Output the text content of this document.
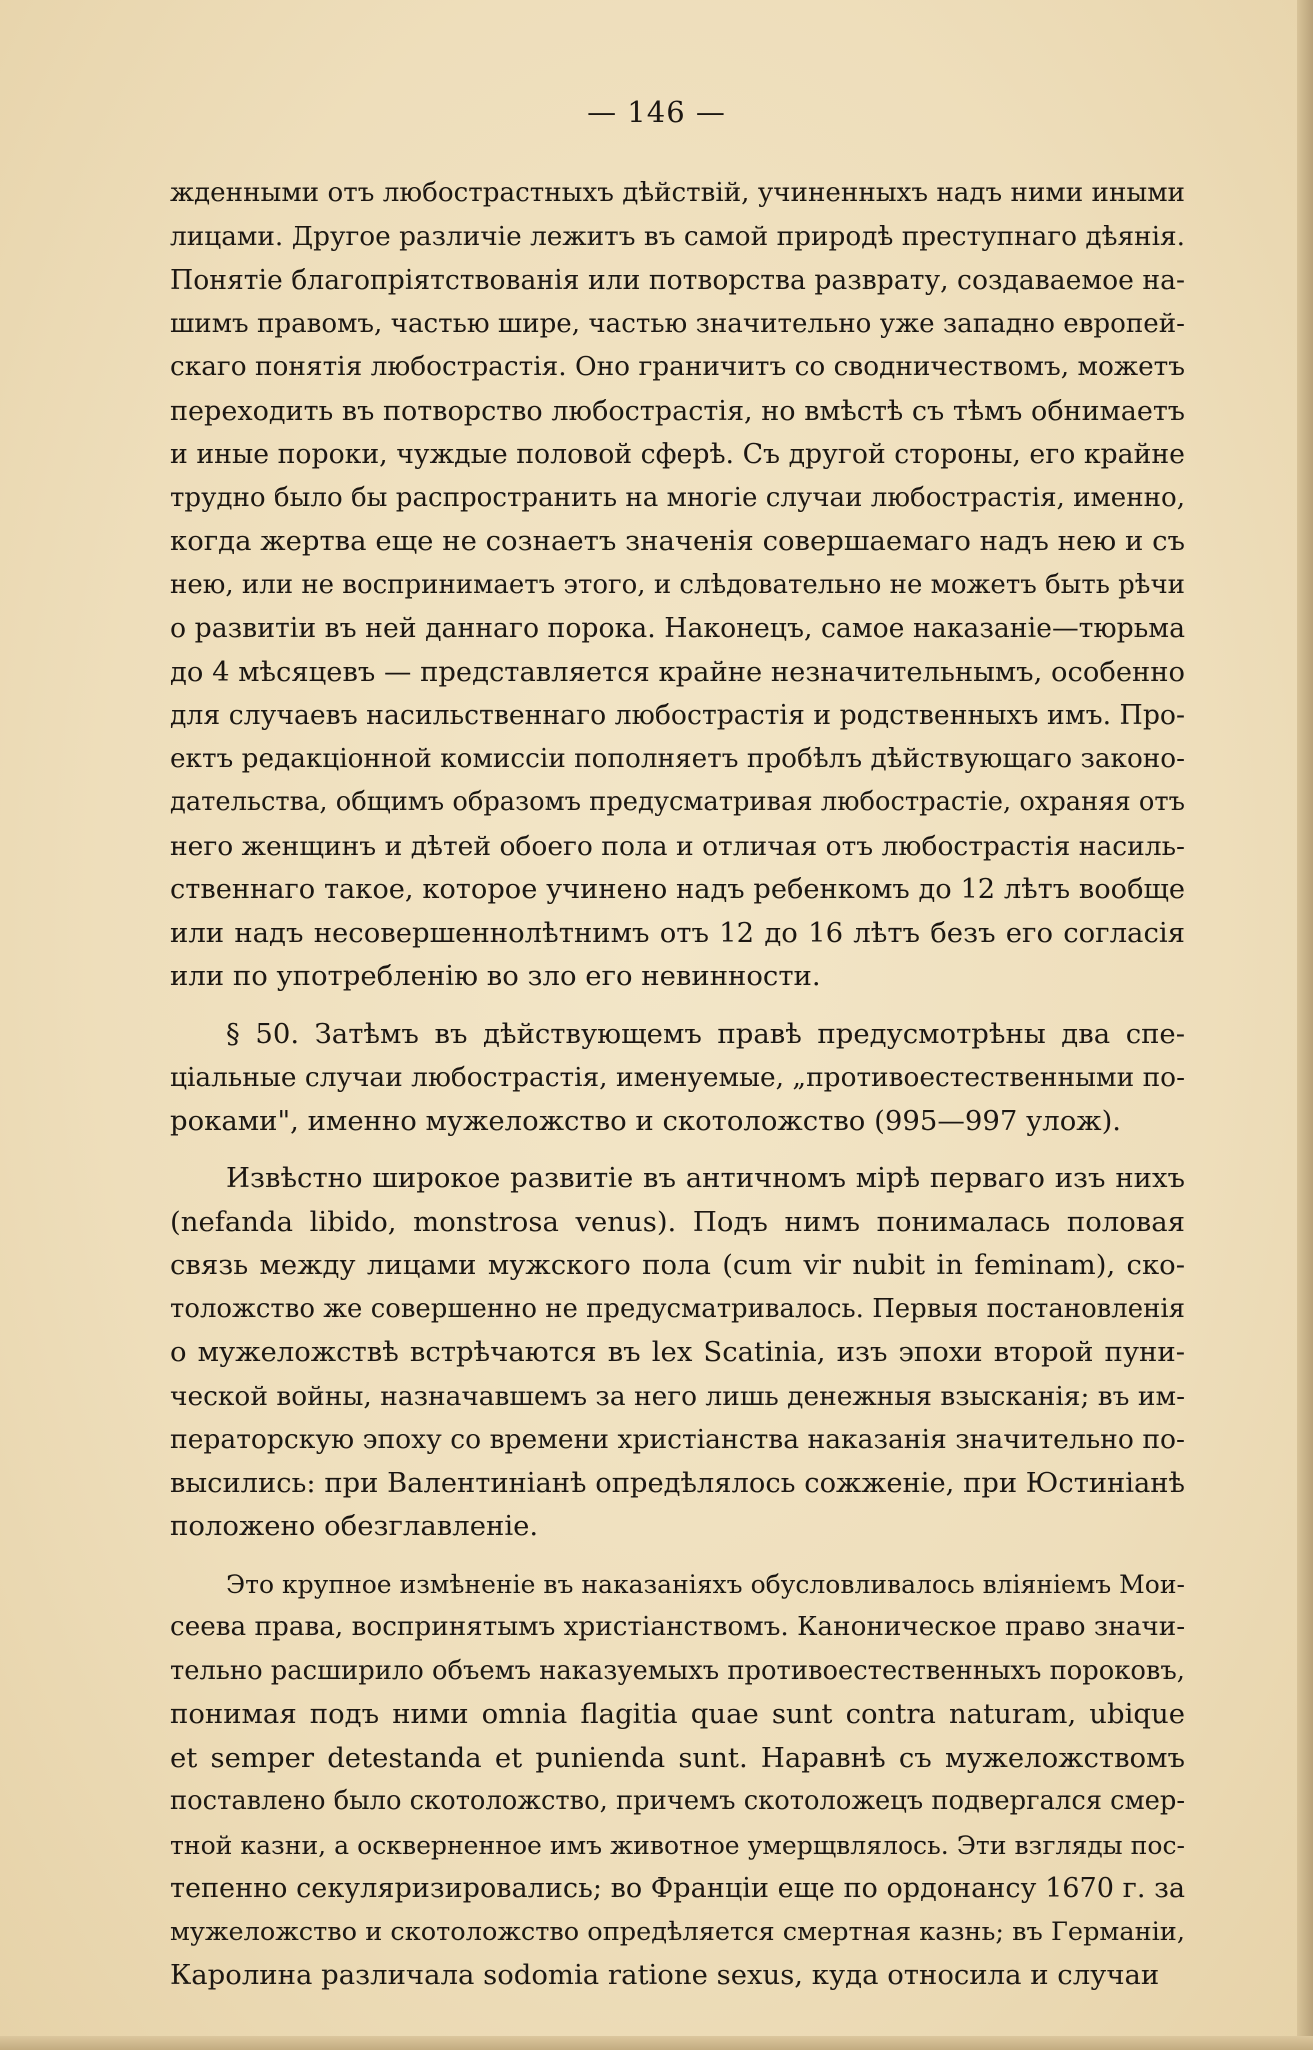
— 146 —
жденными отъ любострастныхъ дѣйствій, учиненныхъ надъ ними иными
лицами. Другое различіе лежитъ въ самой природѣ преступнаго дѣянія.
Понятіе благопріятствованія или потворства разврату, создаваемое на-
шимъ правомъ, частью шире, частью значительно уже западно европей-
скаго понятія любострастія. Оно граничитъ со сводничествомъ, можетъ
переходить въ потворство любострастія, но вмѣстѣ съ тѣмъ обнимаетъ
и иные пороки, чуждые половой сферѣ. Съ другой стороны, его крайне
трудно было бы распространить на многіе случаи любострастія, именно,
когда жертва еще не сознаетъ значенія совершаемаго надъ нею и съ
нею, или не воспринимаетъ этого, и слѣдовательно не можетъ быть рѣчи
о развитіи въ ней даннаго порока. Наконецъ, самое наказаніе—тюрьма
до 4 мѣсяцевъ — представляется крайне незначительнымъ, особенно
для случаевъ насильственнаго любострастія и родственныхъ имъ. Про-
ектъ редакціонной комиссіи пополняетъ пробѣлъ дѣйствующаго законо-
дательства, общимъ образомъ предусматривая любострастіе, охраняя отъ
него женщинъ и дѣтей обоего пола и отличая отъ любострастія насиль-
ственнаго такое, которое учинено надъ ребенкомъ до 12 лѣтъ вообще
или надъ несовершеннолѣтнимъ отъ 12 до 16 лѣтъ безъ его согласія
или по употребленію во зло его невинности.
§ 50. Затѣмъ въ дѣйствующемъ правѣ предусмотрѣны два спе-
ціальные случаи любострастія, именуемые, „противоестественными по-
роками", именно мужеложство и скотоложство (995—997 улож).
Извѣстно широкое развитіе въ античномъ мірѣ перваго изъ нихъ
(nefanda libido, monstrosa venus). Подъ нимъ понималась половая
связь между лицами мужского пола (cum vir nubit in feminam), ско-
толожство же совершенно не предусматривалось. Первыя постановленія
о мужеложствѣ встрѣчаются въ lex Scatinia, изъ эпохи второй пуни-
ческой войны, назначавшемъ за него лишь денежныя взысканія; въ им-
ператорскую эпоху со времени христіанства наказанія значительно по-
высились: при Валентиніанѣ опредѣлялось сожженіе, при Юстиніанѣ
положено обезглавленіе.
Это крупное измѣненіе въ наказаніяхъ обусловливалось вліяніемъ Мои-
сеева права, воспринятымъ христіанствомъ. Каноническое право значи-
тельно расширило объемъ наказуемыхъ противоестественныхъ пороковъ,
понимая подъ ними omnia flagitia quae sunt contra naturam, ubique
et semper detestanda et punienda sunt. Наравнѣ съ мужеложствомъ
поставлено было скотоложство, причемъ скотоложецъ подвергался смер-
тной казни, а оскверненное имъ животное умерщвлялось. Эти взгляды пос-
тепенно секуляризировались; во Франціи еще по ордонансу 1670 г. за
мужеложство и скотоложство опредѣляется смертная казнь; въ Германіи,
Каролина различала sodomia ratione sexus, куда относила и случаи
